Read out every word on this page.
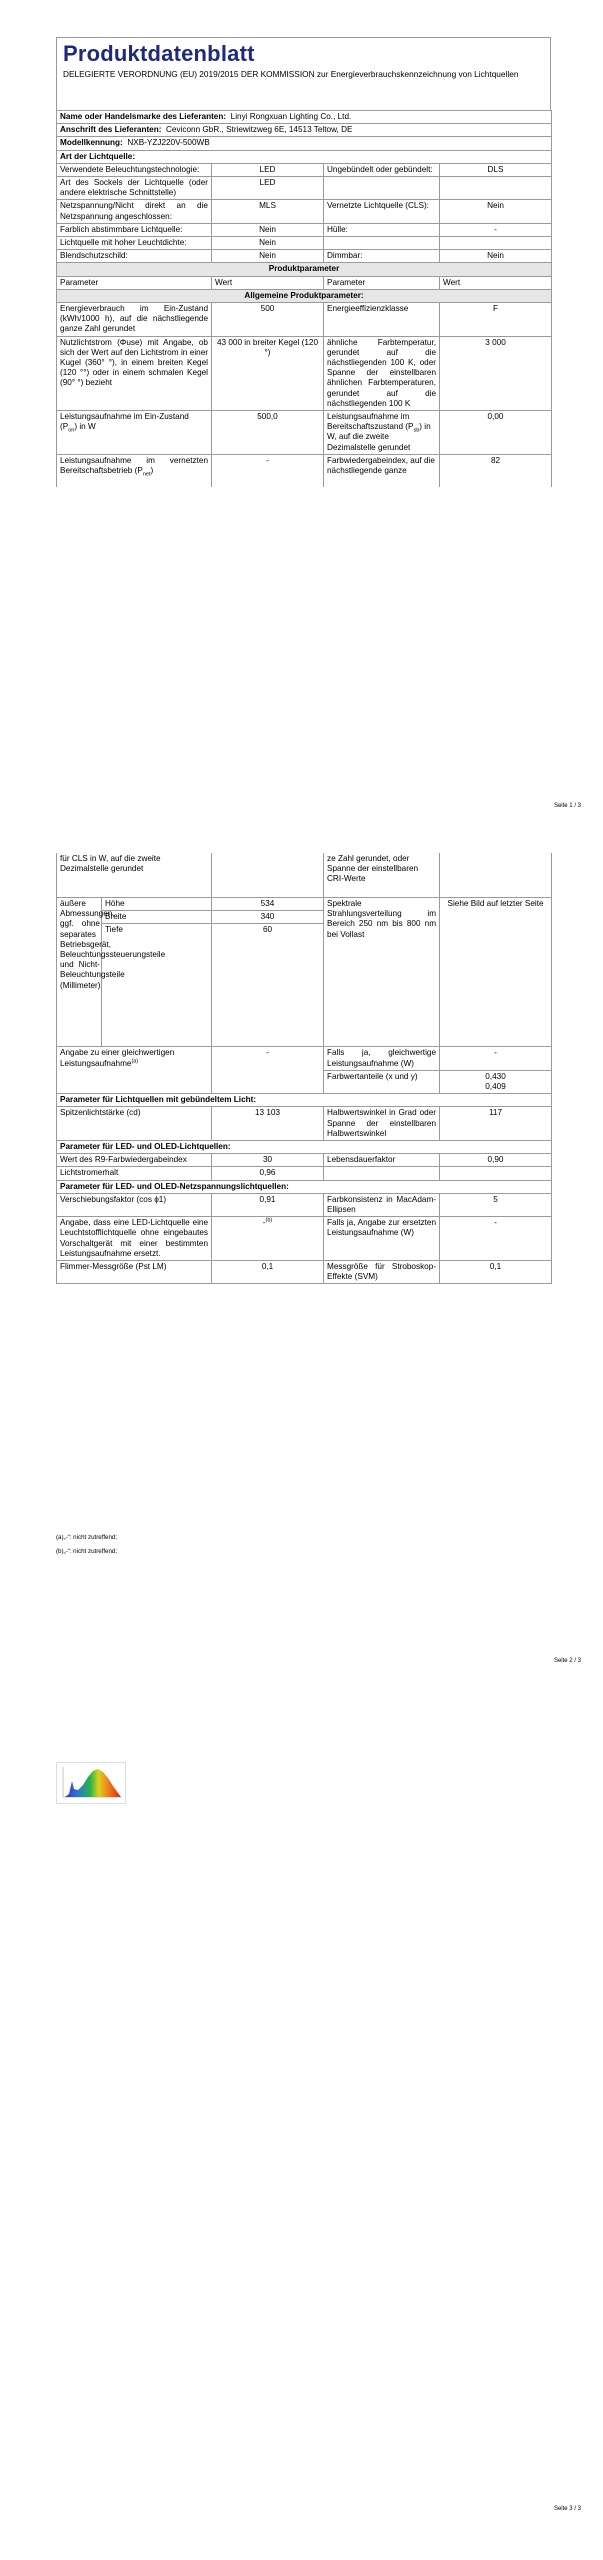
Produktdatenblatt
DELEGIERTE VERORDNUNG (EU) 2019/2015 DER KOMMISSION zur Energieverbrauchskennzeichnung von Lichtquellen
Name oder Handelsmarke des Lieferanten: Linyi Rongxuan Lighting Co., Ltd.			
Anschrift des Lieferanten: Ceviconn GbR., Striewitzweg 6E, 14513 Teltow, DE			
Modellkennung: NXB-YZJ220V-500WB			
Art der Lichtquelle:			
Verwendete Beleuchtungstechnologie:	LED	Ungebündelt oder gebündelt:	DLS
Art des Sockels der Lichtquelle (oder andere elektrische Schnittstelle)	LED		
Netzspannung/Nicht direkt an die Netzspannung angeschlossen:	MLS	Vernetzte Lichtquelle (CLS):	Nein
Farblich abstimmbare Lichtquelle:	Nein	Hülle:	-
Lichtquelle mit hoher Leuchtdichte:	Nein		
Blendschutzschild:	Nein	Dimmbar:	Nein
Produktparameter			
Parameter	Wert	Parameter	Wert
Allgemeine Produktparameter:			
Energieverbrauch im Ein-Zustand (kWh/1000 h), auf die nächstliegende ganze Zahl gerundet	500	Energieeffizienzklasse	F
Nutzlichtstrom (Φuse) mit Angabe, ob sich der Wert auf den Lichtstrom in einer Kugel (360° °), in einem breiten Kegel (120 °°) oder in einem schmalen Kegel (90° °) bezieht	43 000 in breiter Kegel (120 °)	ähnliche Farbtemperatur, gerundet auf die nächstliegenden 100 K, oder Spanne der einstellbaren ähnlichen Farbtemperaturen, gerundet auf die nächstliegenden 100 K	3 000
Leistungsaufnahme im Ein-Zustand $(P_{on})$ in W	500,0	Leistungsaufnahme im Bereitschaftszustand $(P_{sb})$ in W, auf die zweite Dezimalstelle gerundet	0,00
Leistungsaufnahme im vernetzten Bereitschaftsbetrieb $(P_{net})$	-	Farbwiedergabeindex, auf die nächstliegende ganze	82
Seite 1 / 3
für CLS in W, auf die zweite Dezimalstelle gerundet			ze Zahl gerundet, oder Spanne der einstellbaren CRI-Werte	
äußere Abmessungen, ggf. ohne separates Betriebsgerät, Beleuchtungssteuerungsteile und Nicht-Beleuchtungsteile (Millimeter)	Höhe	534	Spektrale Strahlungsverteilung im Bereich 250 nm bis 800 nm bei Vollast	Siehe Bild auf letzter Seite
	Breite	340		
	Tiefe	60		
Angabe zu einer gleichwertigen Leistungsaufnahme$^{(a)}$		-	Falls ja, gleichwertige Leistungsaufnahme (W)	-
			Farbwertanteile (x und y)	0,430
0,409

Parameter für Lichtquellen mit gebündeltem Licht:				
Spitzenlichtstärke (cd)		13 103	Halbwertswinkel in Grad oder Spanne der einstellbaren Halbwertswinkel	117
Parameter für LED- und OLED-Lichtquellen:				
Wert des R9-Farbwiedergabeindex		30	Lebensdauerfaktor	0,90
Lichtstromerhalt		0,96		
Parameter für LED- und OLED-Netzspannungslichtquellen:				
Verschiebungsfaktor (cos ϕ1)		0,91	Farbkonsistenz in MacAdam-Ellipsen	5
Angabe, dass eine LED-Lichtquelle eine Leuchtstofflichtquelle ohne eingebautes Vorschaltgerät mit einer bestimmten Leistungsaufnahme ersetzt.		-$^{(b)}$	Falls ja, Angabe zur ersetzten Leistungsaufnahme (W)	-
Flimmer-Messgröße (Pst LM)		0,1	Messgröße für Stroboskop-Effekte (SVM)	0,1
(a)„-“: nicht zutreffend;
(b)„-“: nicht zutreffend;
Seite 2 / 3
Seite 3 / 3
